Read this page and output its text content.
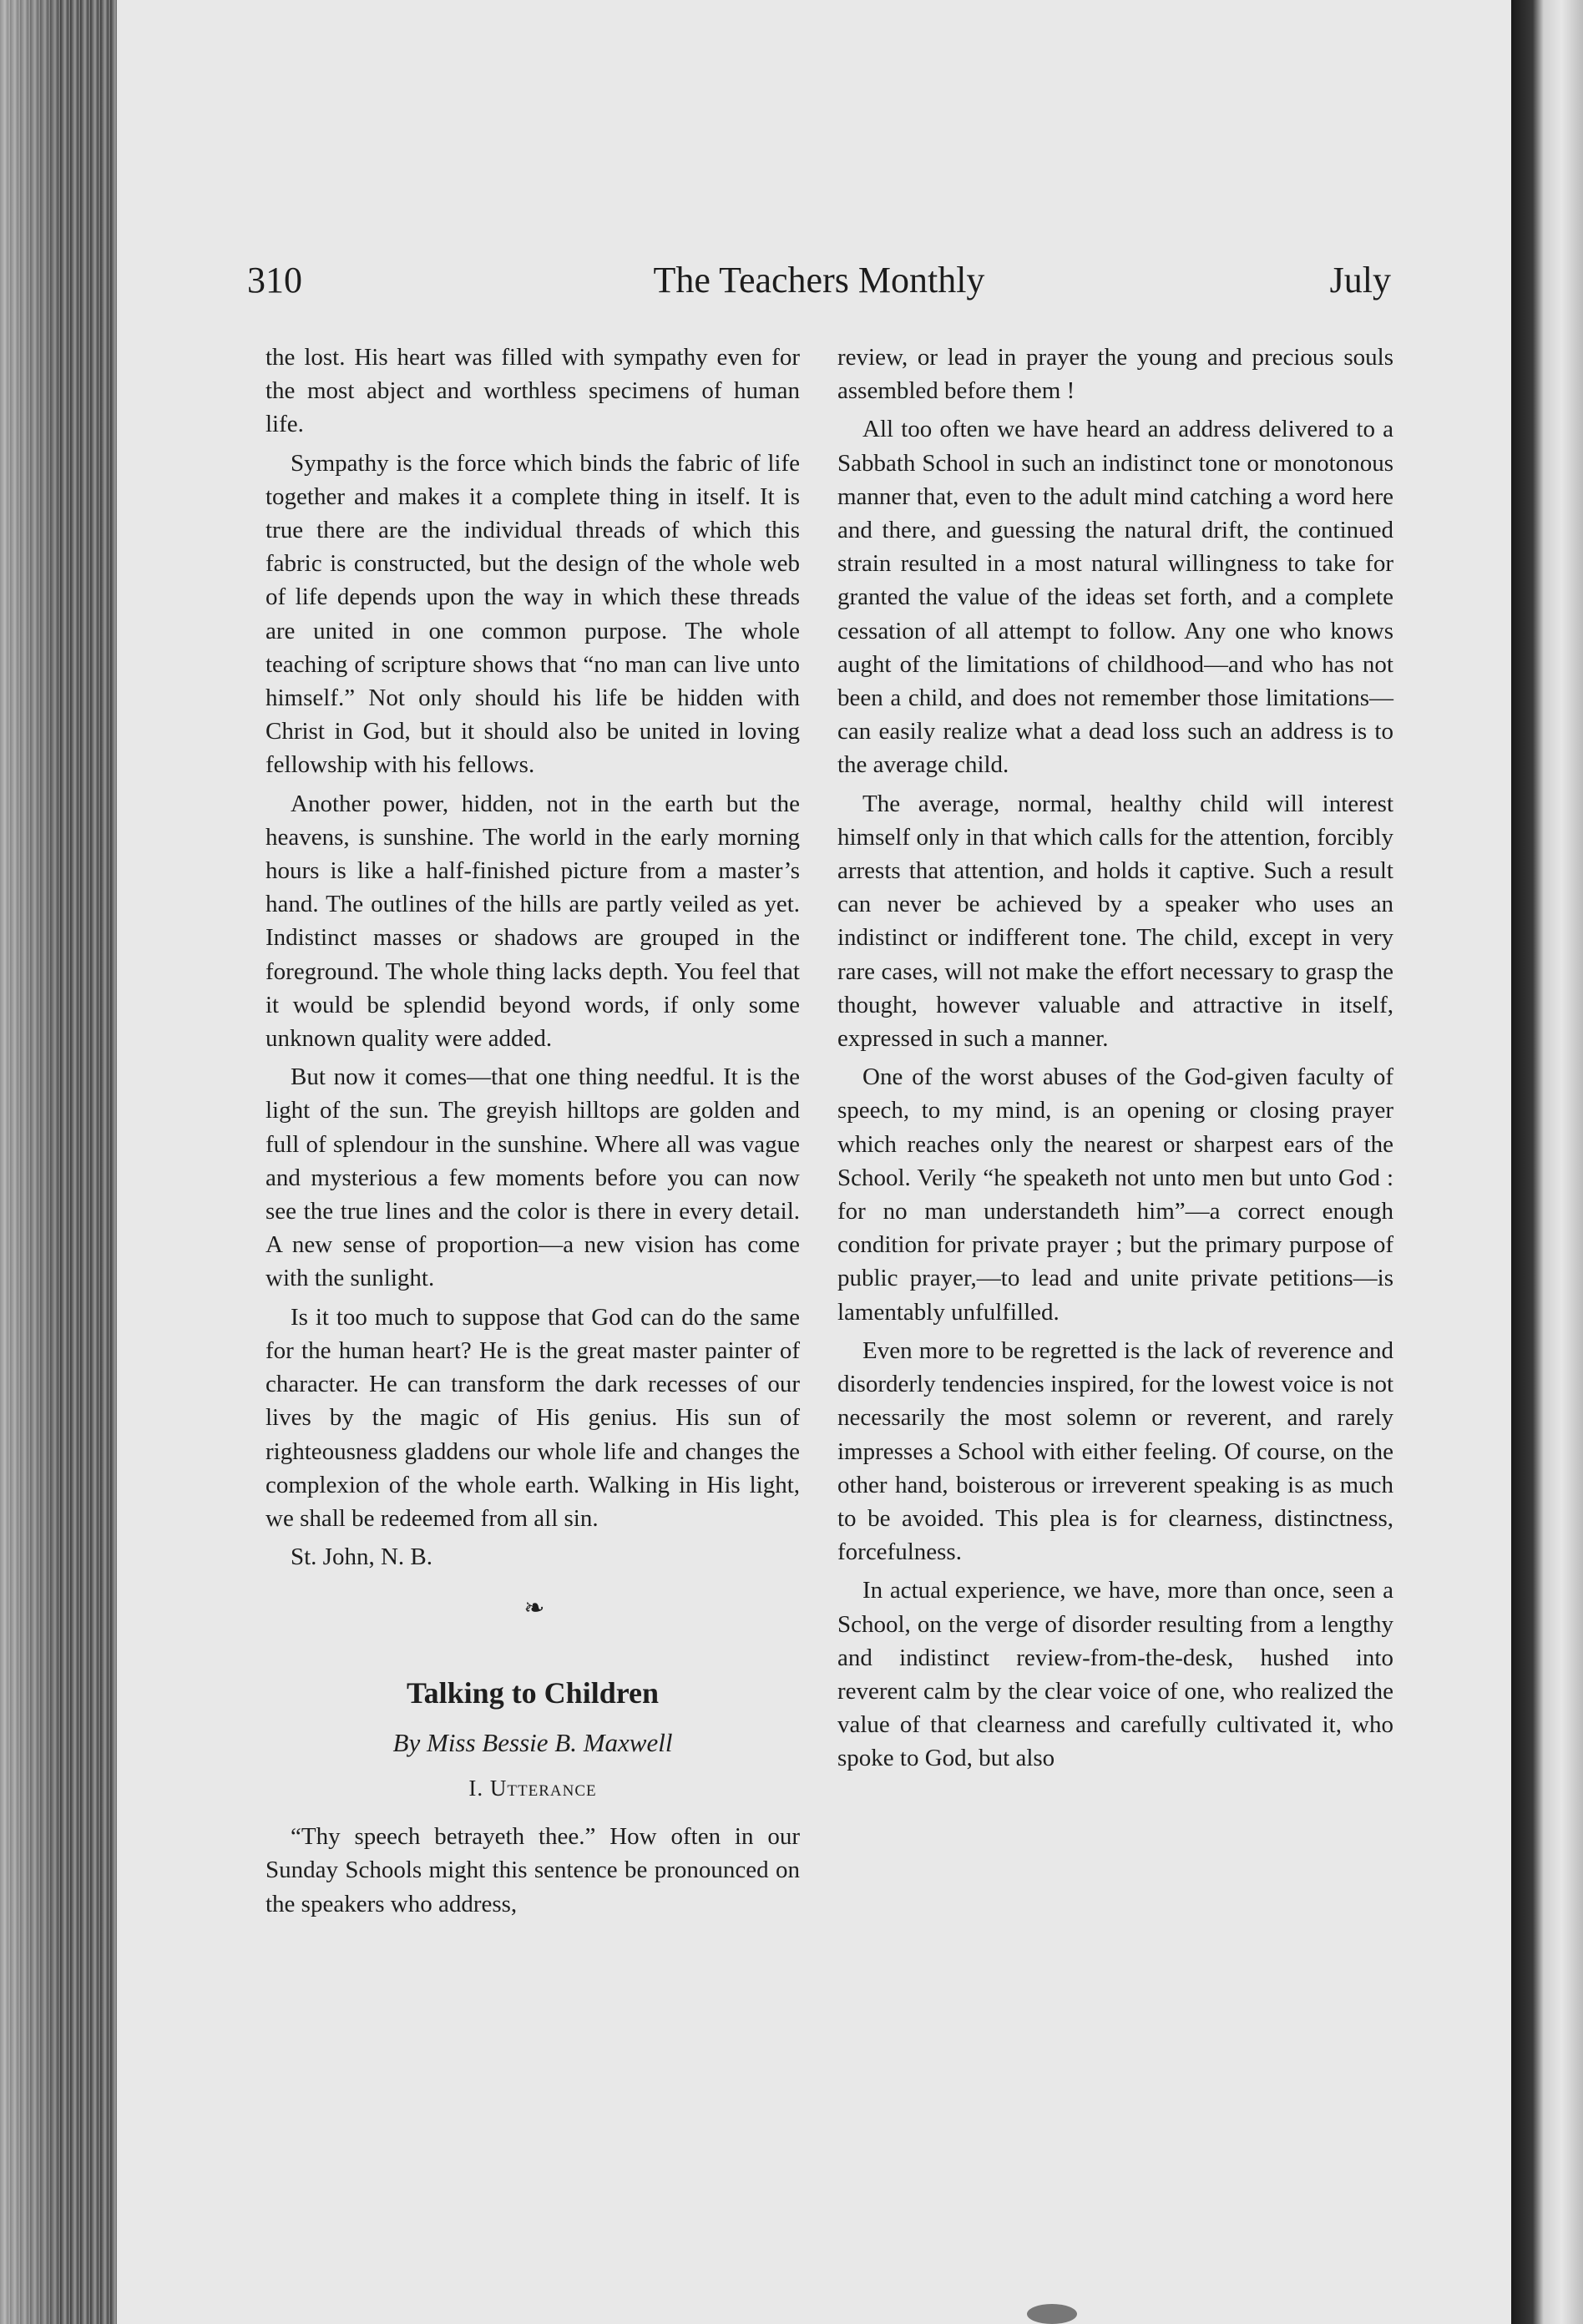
310	The Teachers Monthly	July

the lost. His heart was filled with sympathy even for the most abject and worthless specimens of human life.

Sympathy is the force which binds the fabric of life together and makes it a complete thing in itself. It is true there are the individual threads of which this fabric is constructed, but the design of the whole web of life depends upon the way in which these threads are united in one common purpose. The whole teaching of scripture shows that “no man can live unto himself.” Not only should his life be hidden with Christ in God, but it should also be united in loving fellowship with his fellows.

Another power, hidden, not in the earth but the heavens, is sunshine. The world in the early morning hours is like a half-finished picture from a master’s hand. The outlines of the hills are partly veiled as yet. Indistinct masses or shadows are grouped in the foreground. The whole thing lacks depth. You feel that it would be splendid beyond words, if only some unknown quality were added.

But now it comes—that one thing needful. It is the light of the sun. The greyish hilltops are golden and full of splendour in the sunshine. Where all was vague and mysterious a few moments before you can now see the true lines and the color is there in every detail. A new sense of proportion—a new vision has come with the sunlight.

Is it too much to suppose that God can do the same for the human heart? He is the great master painter of character. He can transform the dark recesses of our lives by the magic of His genius. His sun of righteousness gladdens our whole life and changes the complexion of the whole earth. Walking in His light, we shall be redeemed from all sin.

St. John, N. B.

❧
Talking to Children
By Miss Bessie B. Maxwell
I. Utterance

“Thy speech betrayeth thee.” How often in our Sunday Schools might this sentence be pronounced on the speakers who address,

review, or lead in prayer the young and precious souls assembled before them !

All too often we have heard an address delivered to a Sabbath School in such an indistinct tone or monotonous manner that, even to the adult mind catching a word here and there, and guessing the natural drift, the continued strain resulted in a most natural willingness to take for granted the value of the ideas set forth, and a complete cessation of all attempt to follow. Any one who knows aught of the limitations of childhood—and who has not been a child, and does not remember those limitations—can easily realize what a dead loss such an address is to the average child.

The average, normal, healthy child will interest himself only in that which calls for the attention, forcibly arrests that attention, and holds it captive. Such a result can never be achieved by a speaker who uses an indistinct or indifferent tone. The child, except in very rare cases, will not make the effort necessary to grasp the thought, however valuable and attractive in itself, expressed in such a manner.

One of the worst abuses of the God-given faculty of speech, to my mind, is an opening or closing prayer which reaches only the nearest or sharpest ears of the School. Verily “he speaketh not unto men but unto God : for no man understandeth him”—a correct enough condition for private prayer ; but the primary purpose of public prayer,—to lead and unite private petitions—is lamentably unfulfilled.

Even more to be regretted is the lack of reverence and disorderly tendencies inspired, for the lowest voice is not necessarily the most solemn or reverent, and rarely impresses a School with either feeling. Of course, on the other hand, boisterous or irreverent speaking is as much to be avoided. This plea is for clearness, distinctness, forcefulness.

In actual experience, we have, more than once, seen a School, on the verge of disorder resulting from a lengthy and indistinct review-from-the-desk, hushed into reverent calm by the clear voice of one, who realized the value of that clearness and carefully cultivated it, who spoke to God, but also
